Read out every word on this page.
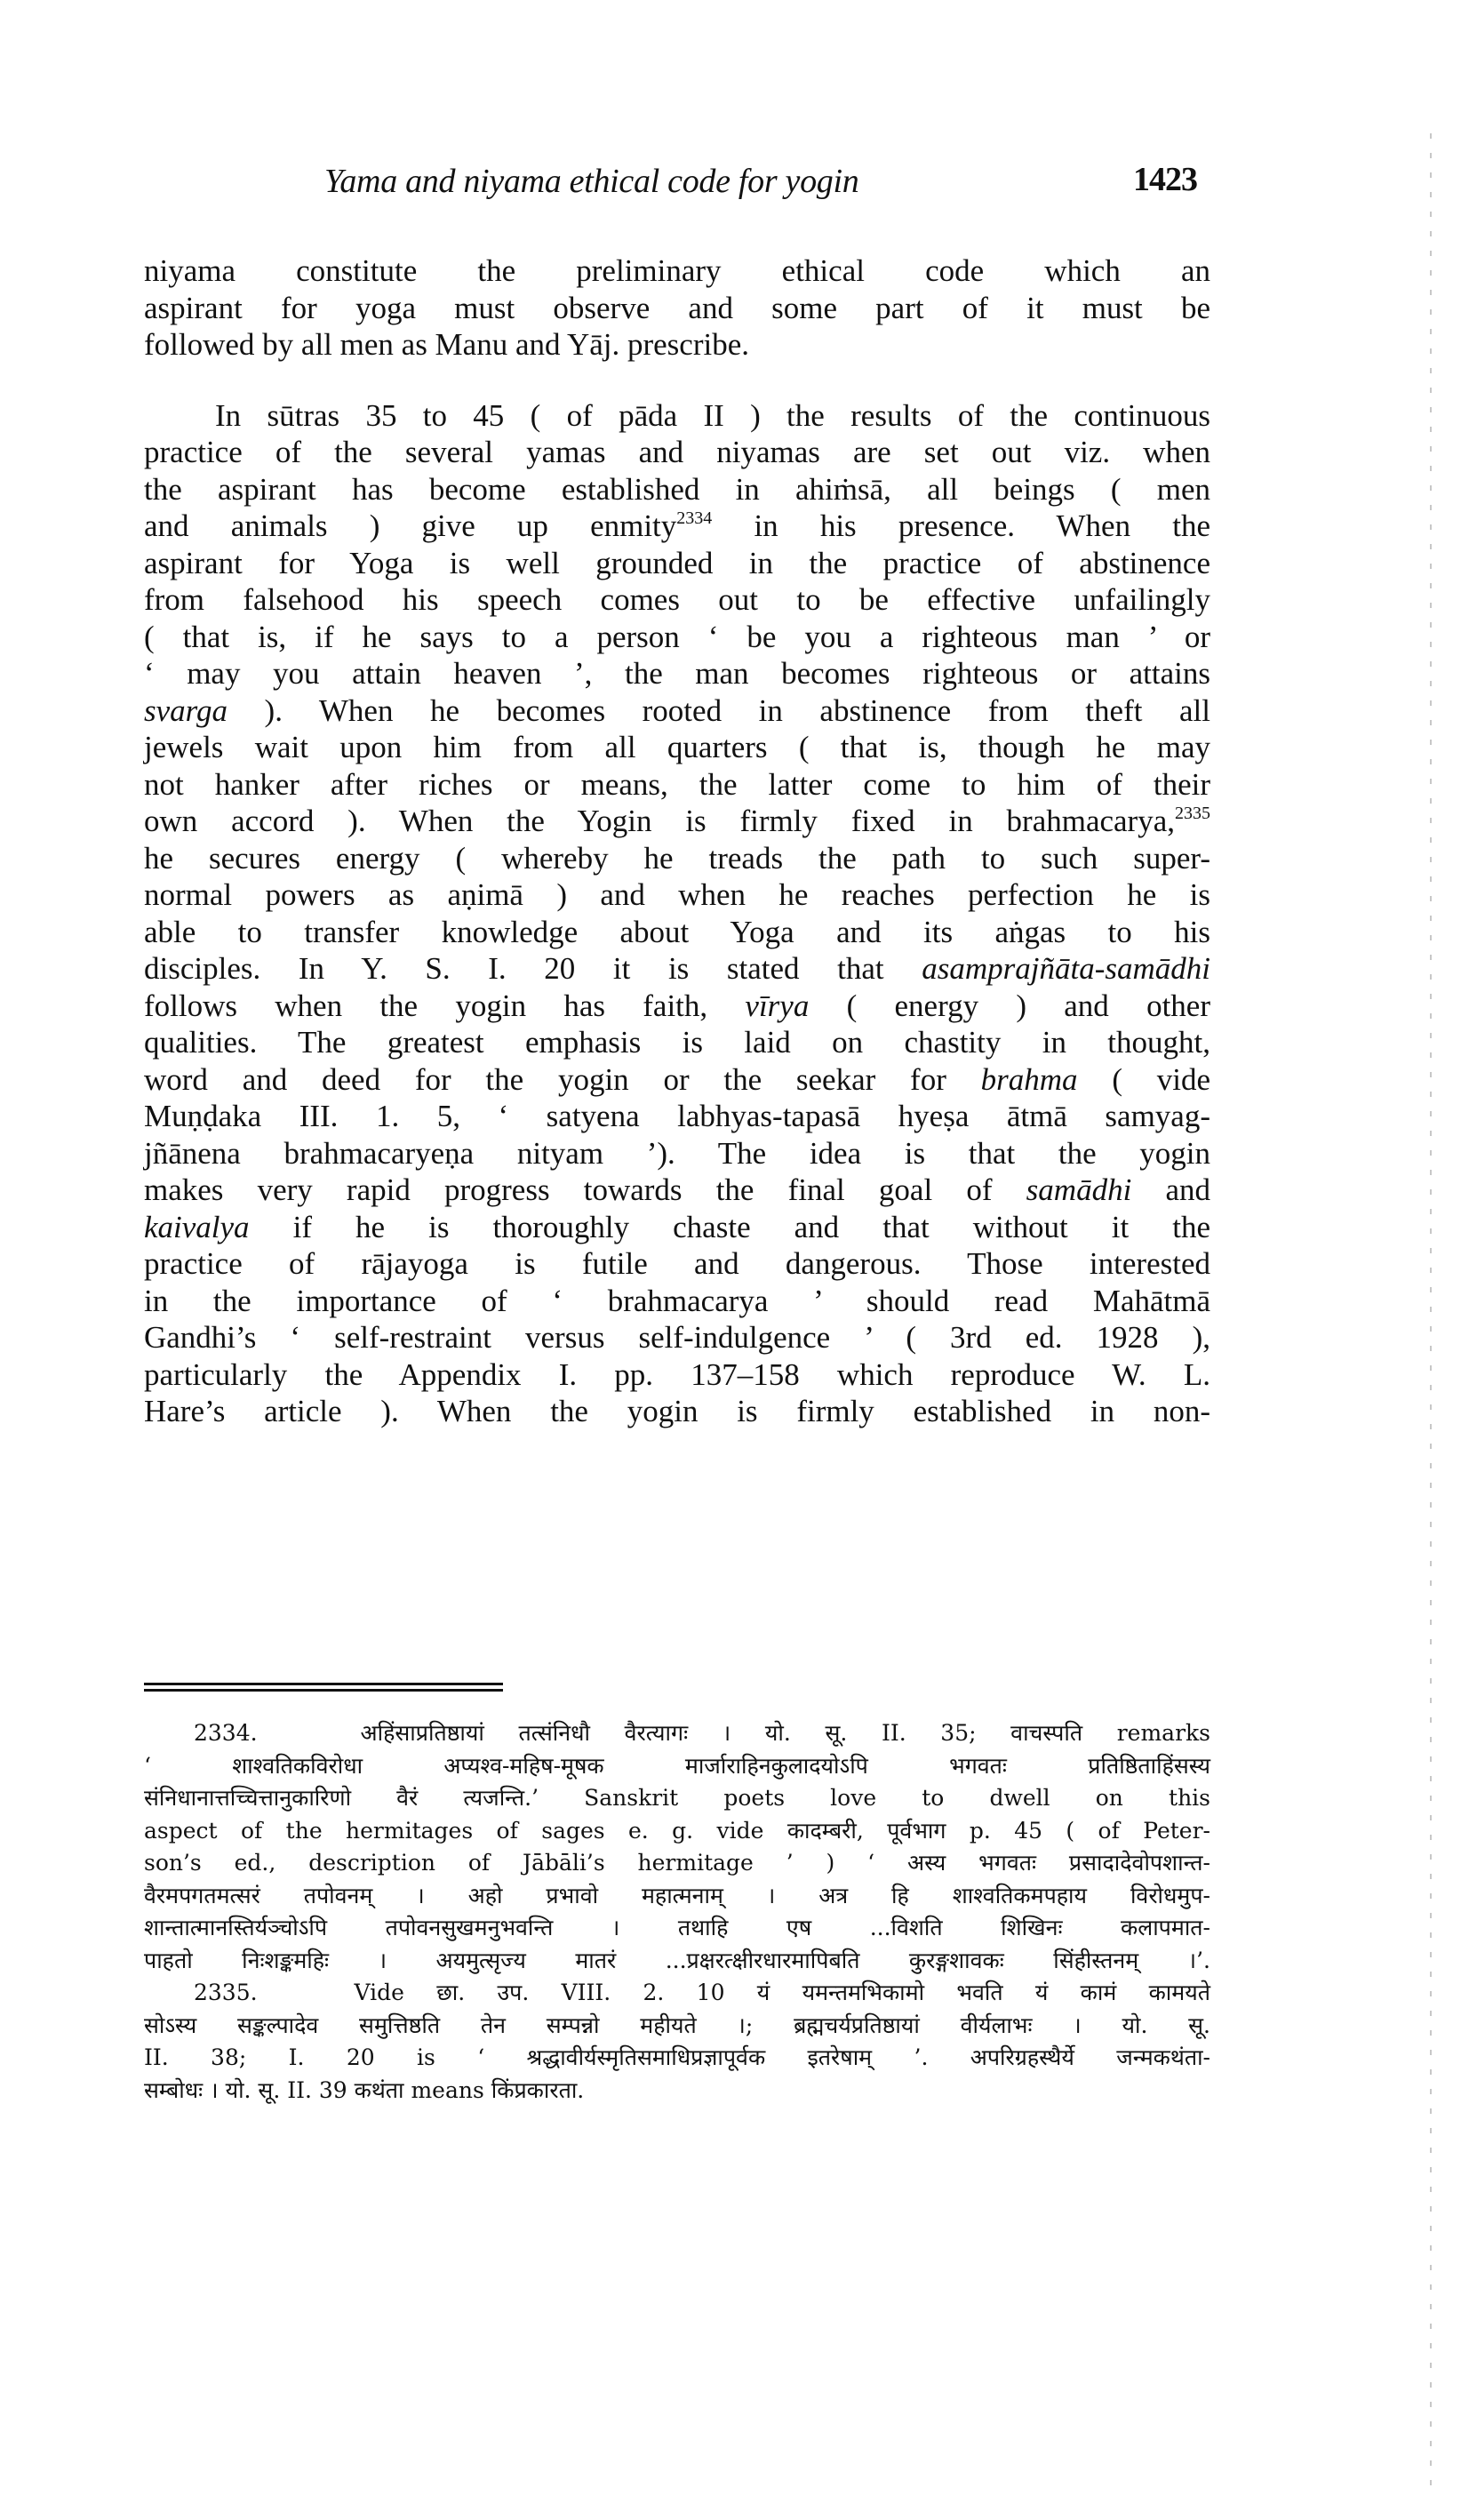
Yama and niyama ethical code for yogin	1423
niyama constitute the preliminary ethical code which an
aspirant for yoga must observe and some part of it must be
followed by all men as Manu and Yāj. prescribe.
In sūtras 35 to 45 ( of pāda II ) the results of the continuous
practice of the several yamas and niyamas are set out viz. when
the aspirant has become established in ahiṁsā, all beings ( men
and animals ) give up enmity$^{2334}$ in his presence. When the
aspirant for Yoga is well grounded in the practice of abstinence
from falsehood his speech comes out to be effective unfailingly
( that is, if he says to a person ‘ be you a righteous man ’ or
‘ may you attain heaven ’, the man becomes righteous or attains
svarga ). When he becomes rooted in abstinence from theft all
jewels wait upon him from all quarters ( that is, though he may
not hanker after riches or means, the latter come to him of their
own accord ). When the Yogin is firmly fixed in brahmacarya,$^{2335}$
he secures energy ( whereby he treads the path to such super-
normal powers as aṇimā ) and when he reaches perfection he is
able to transfer knowledge about Yoga and its aṅgas to his
disciples. In Y. S. I. 20 it is stated that asamprajñāta-samādhi
follows when the yogin has faith, vīrya ( energy ) and other
qualities. The greatest emphasis is laid on chastity in thought,
word and deed for the yogin or the seekar for brahma ( vide
Muṇḍaka III. 1. 5, ‘ satyena labhyas-tapasā hyeṣa ātmā samyag-
jñānena brahmacaryeṇa nityam ’). The idea is that the yogin
makes very rapid progress towards the final goal of samādhi and
kaivalya if he is thoroughly chaste and that without it the
practice of rājayoga is futile and dangerous. Those interested
in the importance of ‘ brahmacarya ’ should read Mahātmā
Gandhi’s ‘ self-restraint versus self-indulgence ’ ( 3rd ed. 1928 ),
particularly the Appendix I. pp. 137–158 which reproduce W. L.
Hare’s article ). When the yogin is firmly established in non-
2334.	अहिंसाप्रतिष्ठायां तत्संनिधौ वैरत्यागः । यो. सू. II. 35; वाचस्पति remarks
‘ शाश्वतिकविरोधा अप्यश्व-महिष-मूषक मार्जाराहिनकुलादयोऽपि भगवतः प्रतिष्ठिताहिंसस्य
संनिधानात्तच्चित्तानुकारिणो वैरं त्यजन्ति.’ Sanskrit poets love to dwell on this
aspect of the hermitages of sages e. g. vide कादम्बरी, पूर्वभाग p. 45 ( of Peter-
son’s ed., description of Jābāli’s hermitage ’ ) ‘ अस्य भगवतः प्रसादादेवोपशान्त-
वैरमपगतमत्सरं तपोवनम् । अहो प्रभावो महात्मनाम् । अत्र हि शाश्वतिकमपहाय विरोधमुप-
शान्तात्मानस्तिर्यञ्चोऽपि तपोवनसुखमनुभवन्ति । तथाहि एष ...विशति शिखिनः कलापमात-
पाहतो निःशङ्कमहिः । अयमुत्सृज्य मातरं ...प्रक्षरत्क्षीरधारमापिबति कुरङ्गशावकः सिंहीस्तनम् ।’.
2335.	Vide छा. उप. VIII. 2. 10 यं यमन्तमभिकामो भवति यं कामं कामयते
सोऽस्य सङ्कल्पादेव समुत्तिष्ठति तेन सम्पन्नो महीयते ।; ब्रह्मचर्यप्रतिष्ठायां वीर्यलाभः । यो. सू.
II. 38; I. 20 is ‘ श्रद्धावीर्यस्मृतिसमाधिप्रज्ञापूर्वक इतरेषाम् ’. अपरिग्रहस्थैर्ये जन्मकथंता-
सम्बोधः । यो. सू. II. 39 कथंता means किंप्रकारता.
